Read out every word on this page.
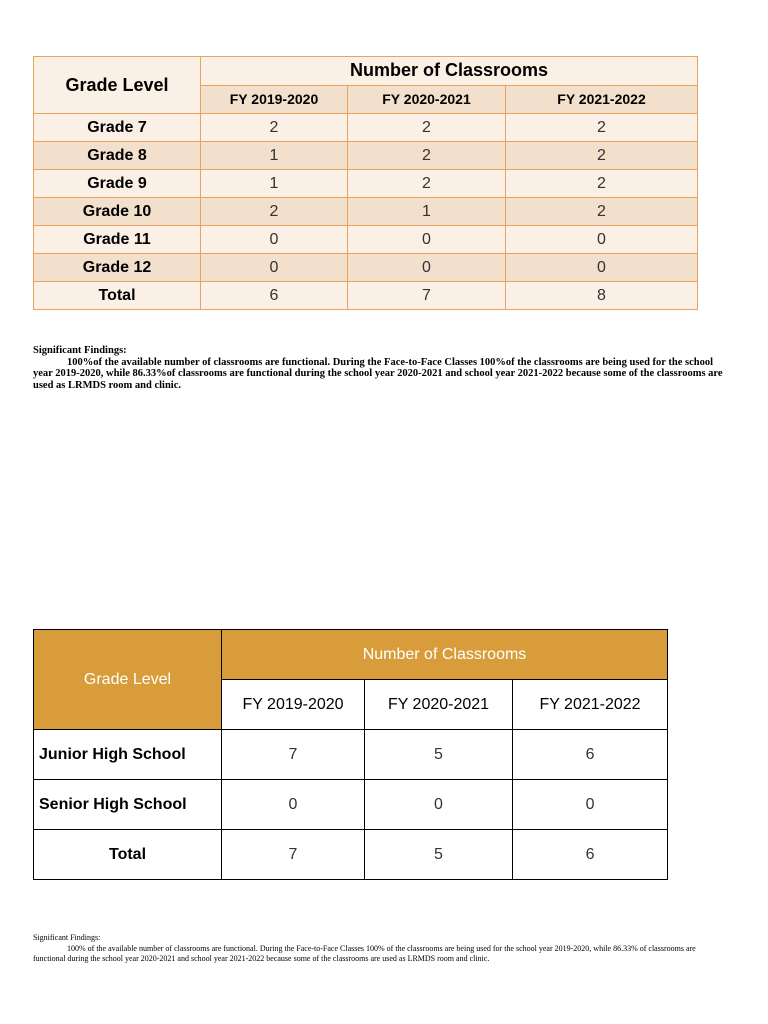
Grade Level	Number of Classrooms		
	FY 2019-2020	FY 2020-2021	FY 2021-2022
Grade 7	2	2	2
Grade 8	1	2	2
Grade 9	1	2	2
Grade 10	2	1	2
Grade 11	0	0	0
Grade 12	0	0	0
Total	6	7	8
Significant Findings:
100%of the available number of classrooms are functional. During the Face-to-Face Classes 100%of the classrooms are being used for the school year 2019-2020, while 86.33%of classrooms are functional during the school year 2020-2021 and school year 2021-2022 because some of the classrooms are used as LRMDS room and clinic.
Grade Level	Number of Classrooms		
	FY 2019-2020	FY 2020-2021	FY 2021-2022
Junior High School	7	5	6
Senior High School	0	0	0
Total	7	5	6
Significant Findings:
100% of the available number of classrooms are functional. During the Face-to-Face Classes 100% of the classrooms are being used for the school year 2019-2020, while 86.33% of classrooms are functional during the school year 2020-2021 and school year 2021-2022 because some of the classrooms are used as LRMDS room and clinic.
